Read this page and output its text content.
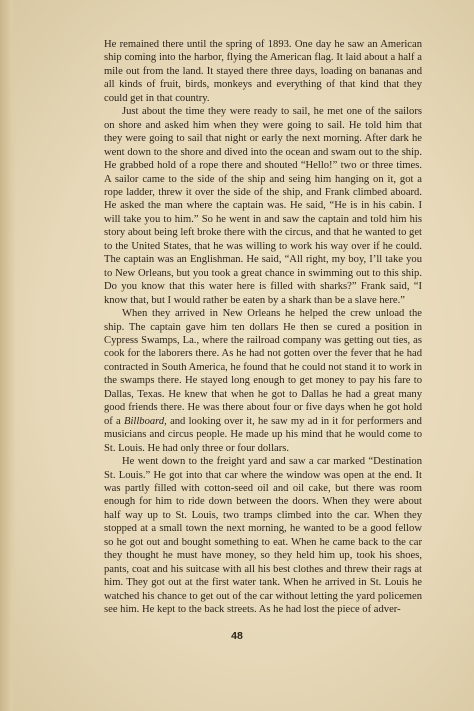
He remained there until the spring of 1893. One day he saw an American ship coming into the harbor, flying the American flag. It laid about a half a mile out from the land. It stayed there three days, loading on bananas and all kinds of fruit, birds, monkeys and everything of that kind that they could get in that country.

Just about the time they were ready to sail, he met one of the sailors on shore and asked him when they were going to sail. He told him that they were going to sail that night or early the next morning. After dark he went down to the shore and dived into the ocean and swam out to the ship. He grabbed hold of a rope there and shouted “Hello!” two or three times. A sailor came to the side of the ship and seing him hanging on it, got a rope ladder, threw it over the side of the ship, and Frank climbed aboard. He asked the man where the captain was. He said, “He is in his cabin. I will take you to him.” So he went in and saw the captain and told him his story about being left broke there with the circus, and that he wanted to get to the United States, that he was willing to work his way over if he could. The captain was an Englishman. He said, “All right, my boy, I’ll take you to New Orleans, but you took a great chance in swimming out to this ship. Do you know that this water here is filled with sharks?” Frank said, “I know that, but I would rather be eaten by a shark than be a slave here.”

When they arrived in New Orleans he helped the crew unload the ship. The captain gave him ten dollars He then se cured a position in Cypress Swamps, La., where the railroad company was getting out ties, as cook for the laborers there. As he had not gotten over the fever that he had contracted in South America, he found that he could not stand it to work in the swamps there. He stayed long enough to get money to pay his fare to Dallas, Texas. He knew that when he got to Dallas he had a great many good friends there. He was there about four or five days when he got hold of a Billboard, and looking over it, he saw my ad in it for performers and musicians and circus people. He made up his mind that he would come to St. Louis. He had only three or four dollars.

He went down to the freight yard and saw a car marked “Destination St. Louis.” He got into that car where the window was open at the end. It was partly filled with cotton-seed oil and oil cake, but there was room enough for him to ride down between the doors. When they were about half way up to St. Louis, two tramps climbed into the car. When they stopped at a small town the next morning, he wanted to be a good fellow so he got out and bought something to eat. When he came back to the car they thought he must have money, so they held him up, took his shoes, pants, coat and his suitcase with all his best clothes and threw their rags at him. They got out at the first water tank. When he arrived in St. Louis he watched his chance to get out of the car without letting the yard policemen see him. He kept to the back streets. As he had lost the piece of adver-

48
